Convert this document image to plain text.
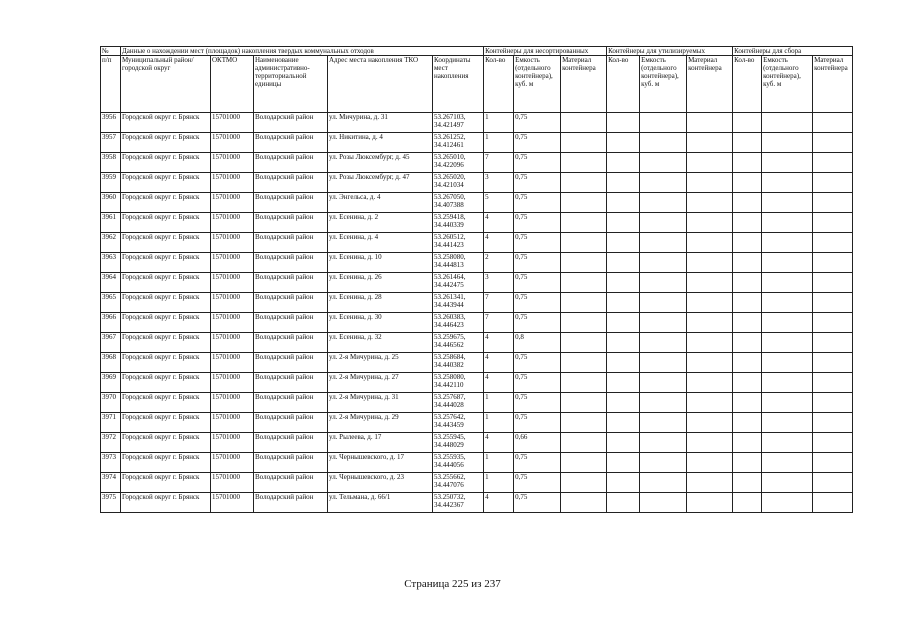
№	Данные о нахождении мест (площадок) накопления твердых коммунальных отходов					Контейнеры для несортированных			Контейнеры для утилизируемых			Контейнеры для сбора		
п/п	Муниципальный район/городской округ	ОКТМО	Наименование административно-территориальной единицы	Адрес места накопления ТКО	Координаты мест накопления	Кол-во	Емкость (отдельного контейнера), куб. м	Материал контейнера	Кол-во	Емкость (отдельного контейнера), куб. м	Материал контейнера	Кол-во	Емкость (отдельного контейнера), куб. м	Материал контейнера
3956	Городской округ г. Брянск	15701000	Володарский район	ул. Мичурина, д. 31	53.267103, 34.421497	1	0,75							
3957	Городской округ г. Брянск	15701000	Володарский район	ул. Никитина, д. 4	53.261252, 34.412461	1	0,75							
3958	Городской округ г. Брянск	15701000	Володарский район	ул. Розы Люксембург, д. 45	53.265010, 34.422096	7	0,75							
3959	Городской округ г. Брянск	15701000	Володарский район	ул. Розы Люксембург, д. 47	53.265020, 34.421034	3	0,75							
3960	Городской округ г. Брянск	15701000	Володарский район	ул. Энгельса, д. 4	53.267050, 34.407388	5	0,75							
3961	Городской округ г. Брянск	15701000	Володарский район	ул. Есенина, д. 2	53.259418, 34.440339	4	0,75							
3962	Городской округ г. Брянск	15701000	Володарский район	ул. Есенина, д. 4	53.260512, 34.441423	4	0,75							
3963	Городской округ г. Брянск	15701000	Володарский район	ул. Есенина, д. 10	53.258080, 34.444813	2	0,75							
3964	Городской округ г. Брянск	15701000	Володарский район	ул. Есенина, д. 26	53.261464, 34.442475	3	0,75							
3965	Городской округ г. Брянск	15701000	Володарский район	ул. Есенина, д. 28	53.261341, 34.443944	7	0,75							
3966	Городской округ г. Брянск	15701000	Володарский район	ул. Есенина, д. 30	53.260383, 34.446423	7	0,75							
3967	Городской округ г. Брянск	15701000	Володарский район	ул. Есенина, д. 32	53.259675, 34.446562	4	0,8							
3968	Городской округ г. Брянск	15701000	Володарский район	ул. 2-я Мичурина, д. 25	53.258684, 34.440382	4	0,75							
3969	Городской округ г. Брянск	15701000	Володарский район	ул. 2-я Мичурина, д. 27	53.258080, 34.442110	4	0,75							
3970	Городской округ г. Брянск	15701000	Володарский район	ул. 2-я Мичурина, д. 31	53.257687, 34.444028	1	0,75							
3971	Городской округ г. Брянск	15701000	Володарский район	ул. 2-я Мичурина, д. 29	53.257642, 34.443459	1	0,75							
3972	Городской округ г. Брянск	15701000	Володарский район	ул. Рылеева, д. 17	53.255945, 34.448029	4	0,66							
3973	Городской округ г. Брянск	15701000	Володарский район	ул. Чернышевского, д. 17	53.255935, 34.444056	1	0,75							
3974	Городской округ г. Брянск	15701000	Володарский район	ул. Чернышевского, д. 23	53.255662, 34.447076	1	0,75							
3975	Городской округ г. Брянск	15701000	Володарский район	ул. Тельмана, д. 66/1	53.250732, 34.442367	4	0,75							
Страница 225 из 237
